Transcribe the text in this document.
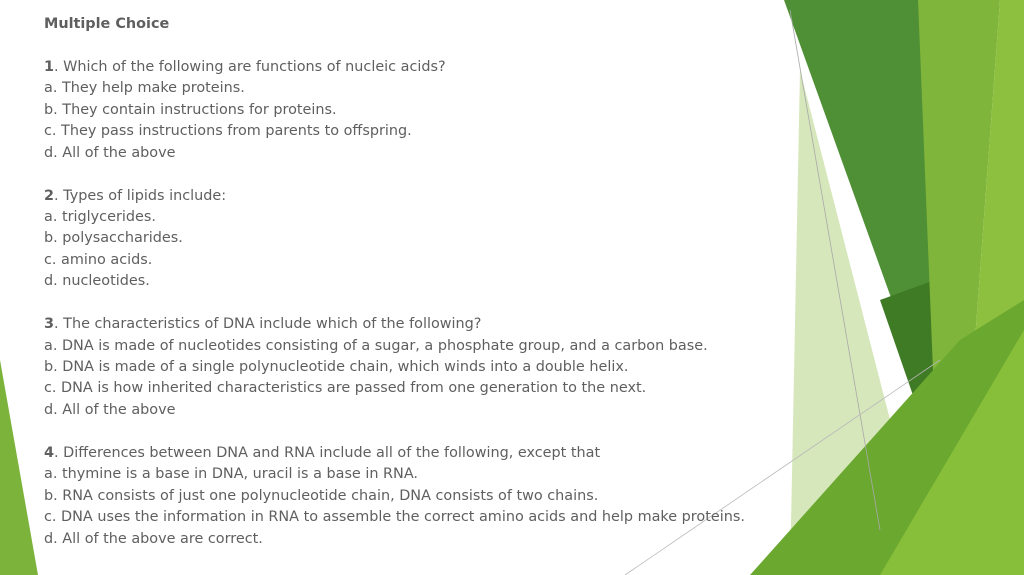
Multiple Choice
1. Which of the following are functions of nucleic acids?
a. They help make proteins.
b. They contain instructions for proteins.
c. They pass instructions from parents to offspring.
d. All of the above
2. Types of lipids include:
a. triglycerides.
b. polysaccharides.
c. amino acids.
d. nucleotides.
3. The characteristics of DNA include which of the following?
a. DNA is made of nucleotides consisting of a sugar, a phosphate group, and a carbon base.
b. DNA is made of a single polynucleotide chain, which winds into a double helix.
c. DNA is how inherited characteristics are passed from one generation to the next.
d. All of the above
4. Differences between DNA and RNA include all of the following, except that
a. thymine is a base in DNA, uracil is a base in RNA.
b. RNA consists of just one polynucleotide chain, DNA consists of two chains.
c. DNA uses the information in RNA to assemble the correct amino acids and help make proteins.
d. All of the above are correct.
